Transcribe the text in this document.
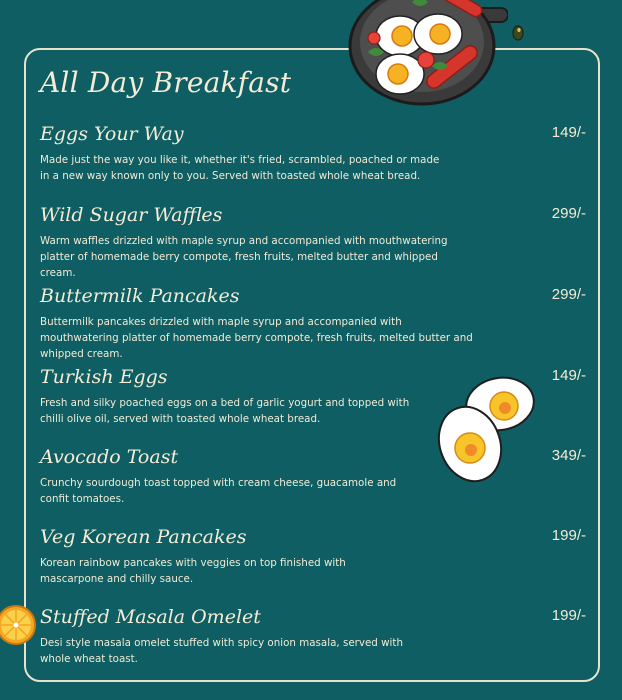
All Day Breakfast
Eggs Your Way	149/-

Made just the way you like it, whether it's fried, scrambled, poached or made in a new way known only to you. Served with toasted whole wheat bread.

Wild Sugar Waffles	299/-

Warm waffles drizzled with maple syrup and accompanied with mouthwatering platter of homemade berry compote, fresh fruits, melted butter and whipped cream.

Buttermilk Pancakes	299/-

Buttermilk pancakes drizzled with maple syrup and accompanied with mouthwatering platter of homemade berry compote, fresh fruits, melted butter and whipped cream.

Turkish Eggs	149/-

Fresh and silky poached eggs on a bed of garlic yogurt and topped with chilli olive oil, served with toasted whole wheat bread.

Avocado Toast	349/-

Crunchy sourdough toast topped with cream cheese, guacamole and confit tomatoes.

Veg Korean Pancakes	199/-

Korean rainbow pancakes with veggies on top finished with mascarpone and chilly sauce.

Stuffed Masala Omelet	199/-

Desi style masala omelet stuffed with spicy onion masala, served with whole wheat toast.
